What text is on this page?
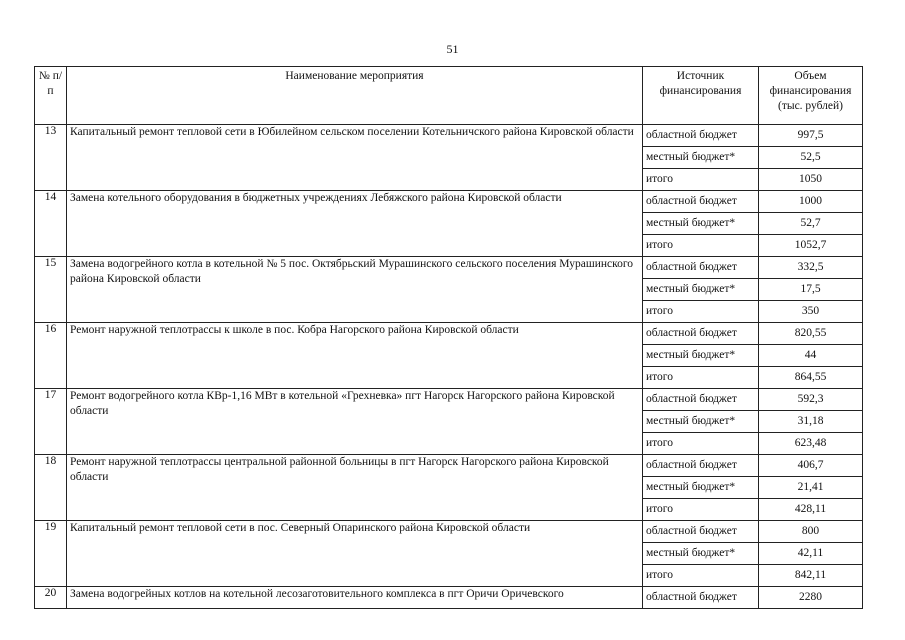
51
№ п/п	Наименование мероприятия	Источник финансирования	Объем финансирования (тыс. рублей)
13	Капитальный ремонт тепловой сети в Юбилейном сельском поселении Котельничского района Кировской области	областной бюджет	997,5
		местный бюджет*	52,5
		итого	1050
14	Замена котельного оборудования в бюджетных учреждениях Лебяжского района Кировской области	областной бюджет	1000
		местный бюджет*	52,7
		итого	1052,7
15	Замена водогрейного котла в котельной № 5 пос. Октябрьский Мурашинского сельского поселения Мурашинского района Кировской области	областной бюджет	332,5
		местный бюджет*	17,5
		итого	350
16	Ремонт наружной теплотрассы к школе в пос. Кобра Нагорского района Кировской области	областной бюджет	820,55
		местный бюджет*	44
		итого	864,55
17	Ремонт водогрейного котла КВр-1,16 МВт в котельной «Грехневка» пгт Нагорск Нагорского района Кировской области	областной бюджет	592,3
		местный бюджет*	31,18
		итого	623,48
18	Ремонт наружной теплотрассы центральной районной больницы в пгт Нагорск Нагорского района Кировской области	областной бюджет	406,7
		местный бюджет*	21,41
		итого	428,11
19	Капитальный ремонт тепловой сети в пос. Северный Опаринского района Кировской области	областной бюджет	800
		местный бюджет*	42,11
		итого	842,11
20	Замена водогрейных котлов на котельной лесозаготовительного комплекса в пгт Оричи Оричевского	областной бюджет	2280
